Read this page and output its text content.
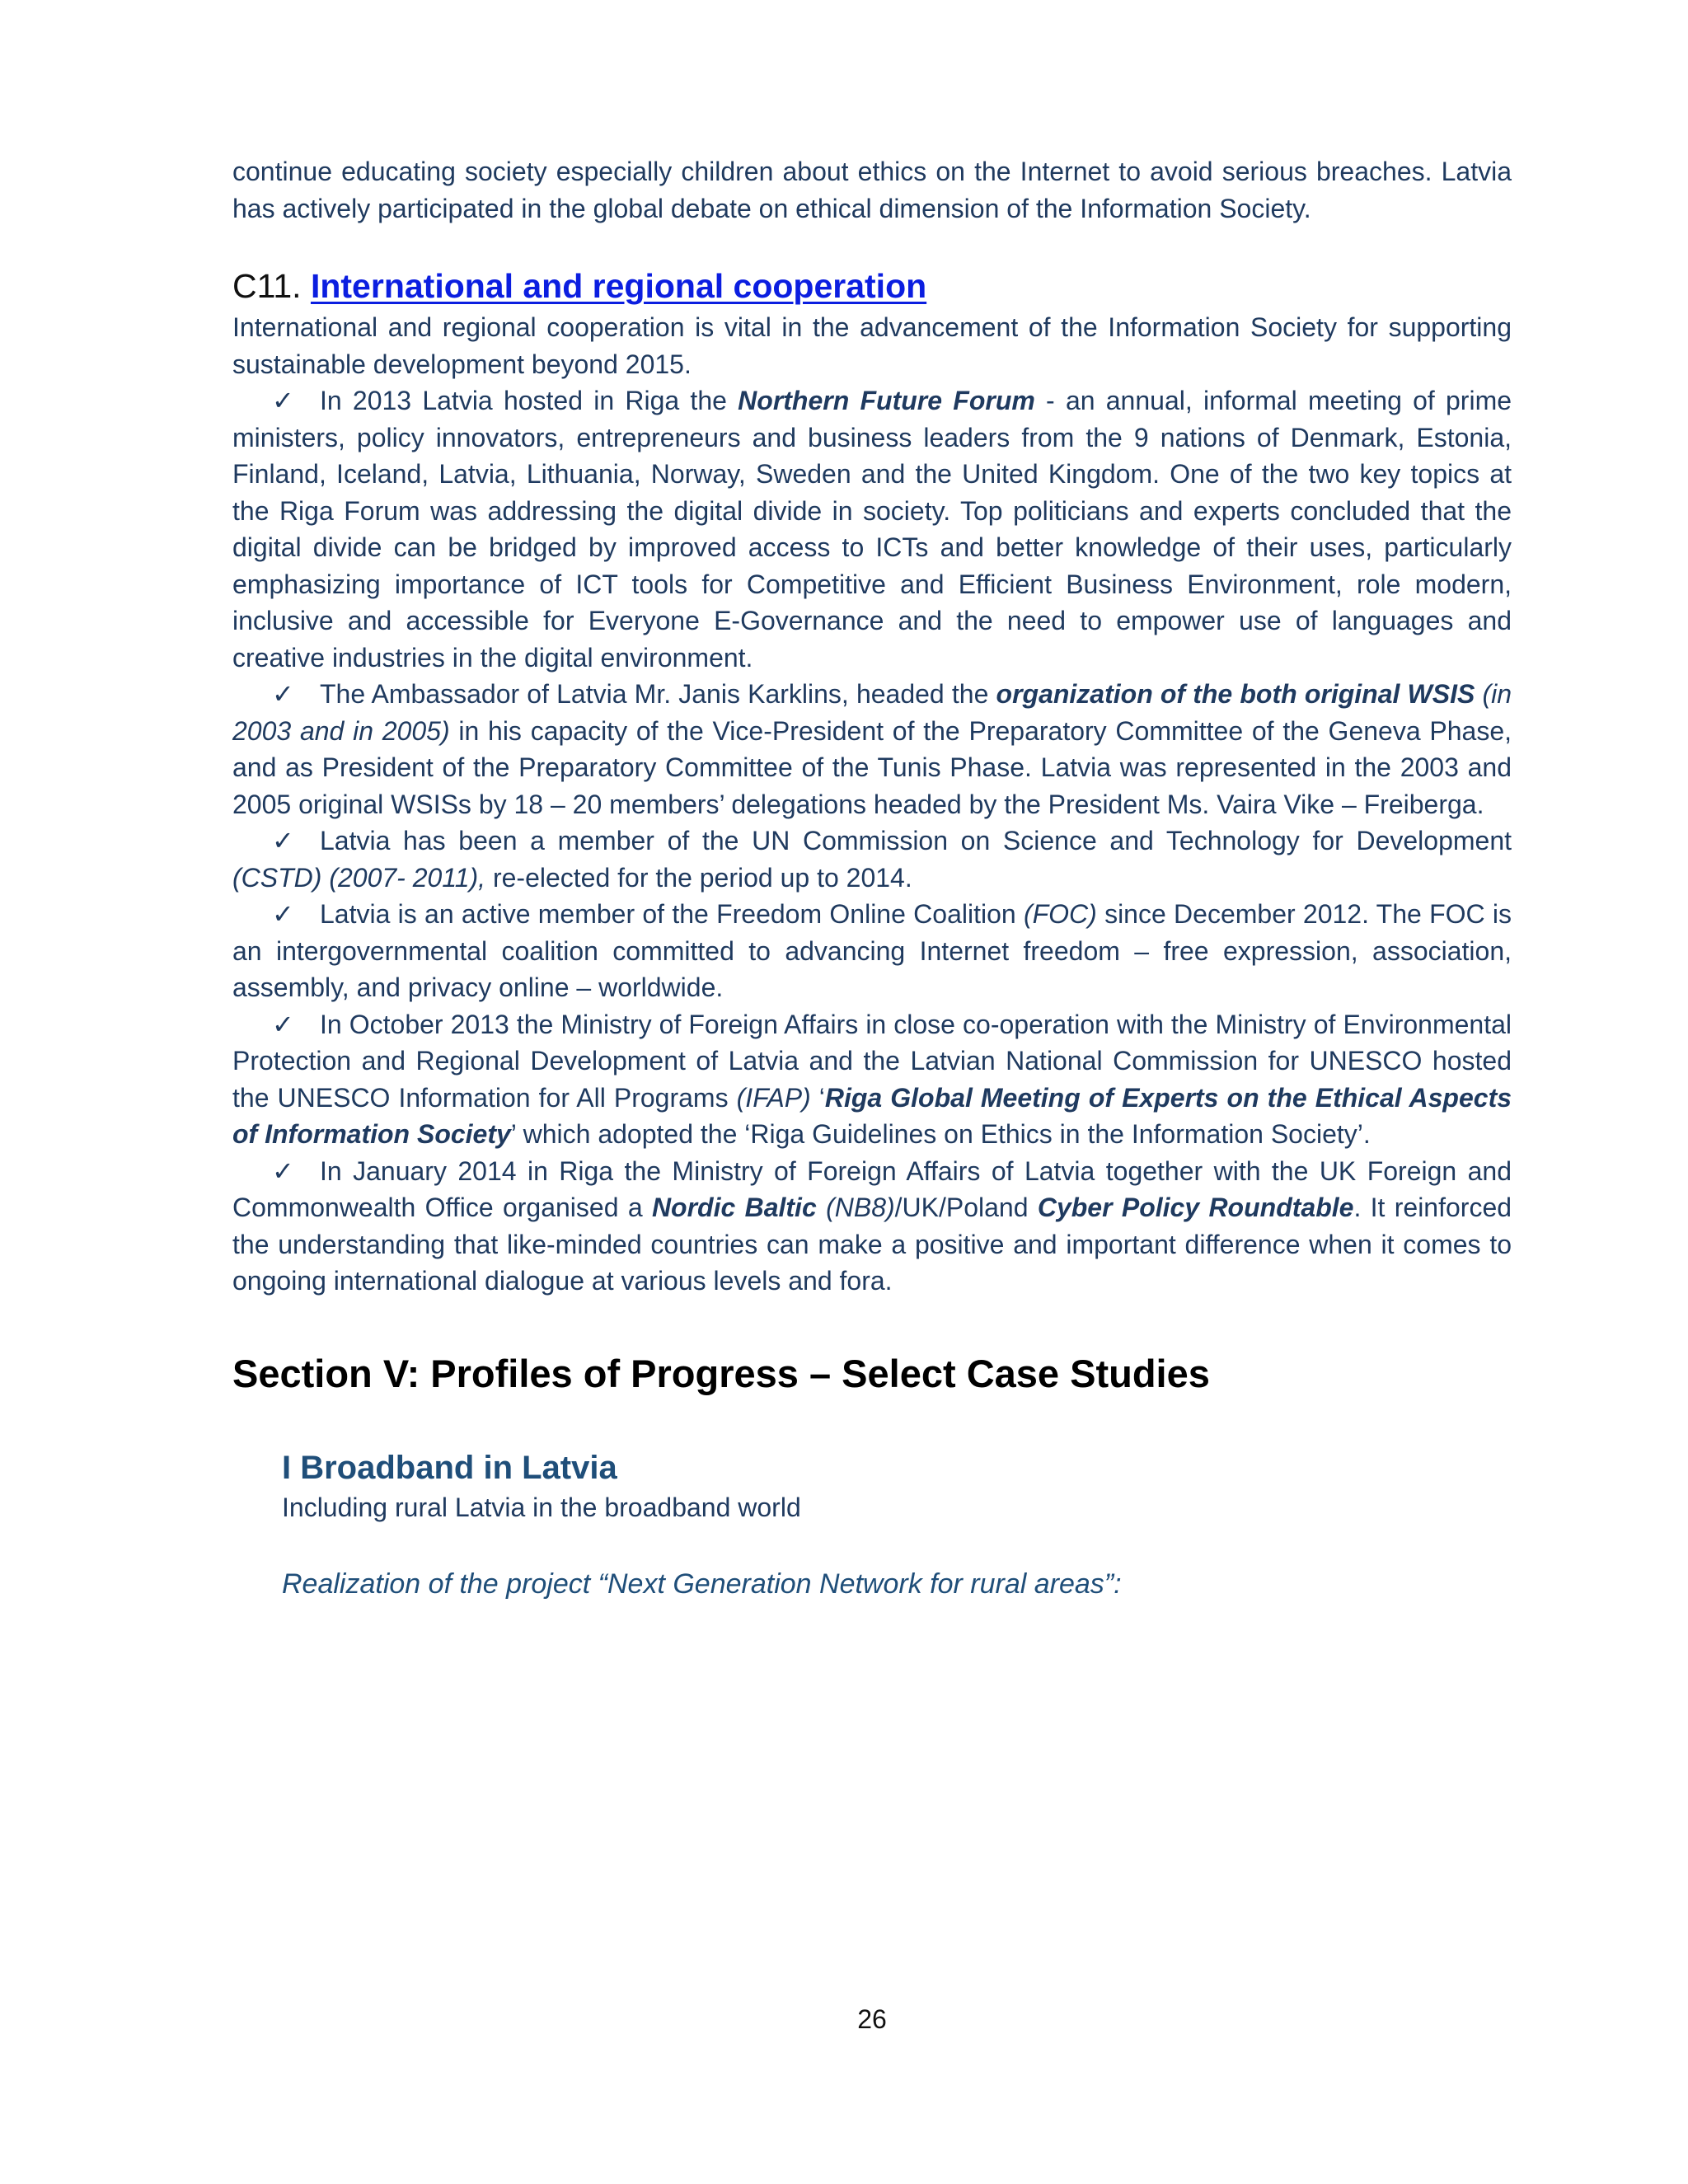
continue educating society especially children about ethics on the Internet to avoid serious breaches. Latvia has actively participated in the global debate on ethical dimension of the Information Society.

C11. International and regional cooperation

International and regional cooperation is vital in the advancement of the Information Society for supporting sustainable development beyond 2015.

✓ In 2013 Latvia hosted in Riga the Northern Future Forum - an annual, informal meeting of prime ministers, policy innovators, entrepreneurs and business leaders from the 9 nations of Denmark, Estonia, Finland, Iceland, Latvia, Lithuania, Norway, Sweden and the United Kingdom. One of the two key topics at the Riga Forum was addressing the digital divide in society. Top politicians and experts concluded that the digital divide can be bridged by improved access to ICTs and better knowledge of their uses, particularly emphasizing importance of ICT tools for Competitive and Efficient Business Environment, role modern, inclusive and accessible for Everyone E-Governance and the need to empower use of languages and creative industries in the digital environment.

✓ The Ambassador of Latvia Mr. Janis Karklins, headed the organization of the both original WSIS (in 2003 and in 2005) in his capacity of the Vice-President of the Preparatory Committee of the Geneva Phase, and as President of the Preparatory Committee of the Tunis Phase. Latvia was represented in the 2003 and 2005 original WSISs by 18 – 20 members’ delegations headed by the President Ms. Vaira Vike – Freiberga.

✓ Latvia has been a member of the UN Commission on Science and Technology for Development (CSTD) (2007- 2011), re-elected for the period up to 2014.

✓ Latvia is an active member of the Freedom Online Coalition (FOC) since December 2012. The FOC is an intergovernmental coalition committed to advancing Internet freedom – free expression, association, assembly, and privacy online – worldwide.

✓ In October 2013 the Ministry of Foreign Affairs in close co-operation with the Ministry of Environmental Protection and Regional Development of Latvia and the Latvian National Commission for UNESCO hosted the UNESCO Information for All Programs (IFAP) ‘Riga Global Meeting of Experts on the Ethical Aspects of Information Society’ which adopted the ‘Riga Guidelines on Ethics in the Information Society’.

✓ In January 2014 in Riga the Ministry of Foreign Affairs of Latvia together with the UK Foreign and Commonwealth Office organised a Nordic Baltic (NB8)/UK/Poland Cyber Policy Roundtable. It reinforced the understanding that like-minded countries can make a positive and important difference when it comes to ongoing international dialogue at various levels and fora.

Section V: Profiles of Progress – Select Case Studies
I Broadband in Latvia

Including rural Latvia in the broadband world

Realization of the project “Next Generation Network for rural areas”:

26
